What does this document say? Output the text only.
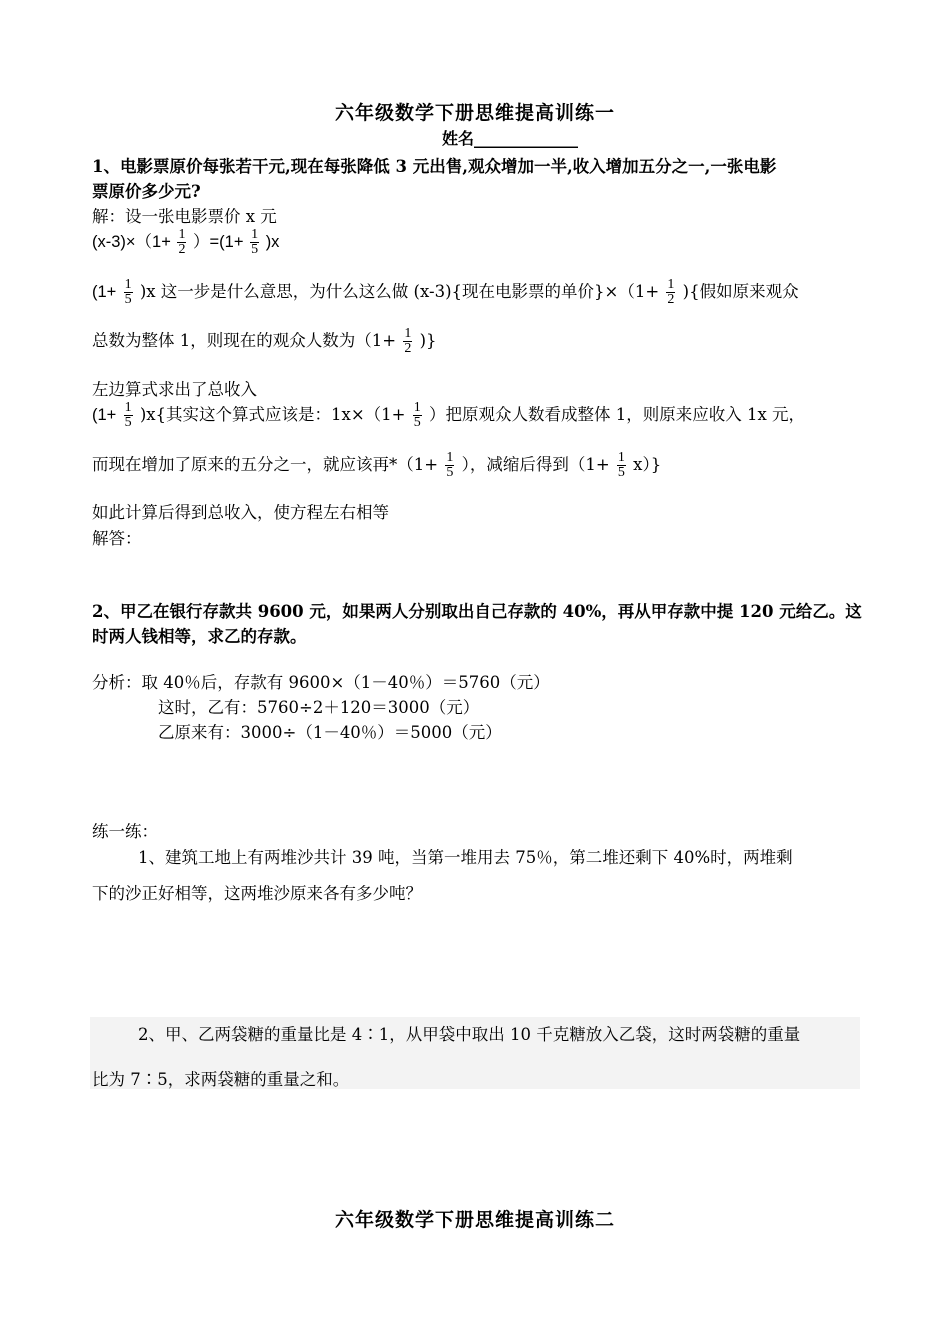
六年级数学下册思维提高训练一
姓名_____________
1、电影票原价每张若干元,现在每张降低 3 元出售,观众增加一半,收入增加五分之一,一张电影
票原价多少元?
解：设一张电影票价 x 元
$(x-3)\times(1+ \frac{1}{2} )=(1+ \frac{1}{5} )x$
$(1+ \frac{1}{5} )x$ 这一步是什么意思，为什么这么做 (x-3){现在电影票的单价}$\times(1+ \frac{1}{2}$ ){假如原来观众
总数为整体 1，则现在的观众人数为（$1+ \frac{1}{2}$ )}
左边算式求出了总收入
$(1+ \frac{1}{5} )x${其实这个算式应该是：$1x\times(1+ \frac{1}{5}$ ）把原观众人数看成整体 1，则原来应收入 1x 元，
而现在增加了原来的五分之一，就应该再$*(1+ \frac{1}{5}$ ），减缩后得到$(1+ \frac{1}{5} x)$}
如此计算后得到总收入，使方程左右相等
解答：
2、甲乙在银行存款共 9600 元，如果两人分别取出自己存款的 40%，再从甲存款中提 120 元给乙。这
时两人钱相等，求乙的存款。
分析：取 40％后，存款有 9600×（1－40％）＝5760（元）
这时，乙有：5760÷2＋120＝3000（元）
乙原来有：3000÷（1－40％）＝5000（元）
练一练：
1、建筑工地上有两堆沙共计 39 吨，当第一堆用去 75％，第二堆还剩下 40%时，两堆剩
下的沙正好相等，这两堆沙原来各有多少吨？
2、甲、乙两袋糖的重量比是 4∶1，从甲袋中取出 10 千克糖放入乙袋，这时两袋糖的重量
比为 7∶5，求两袋糖的重量之和。
六年级数学下册思维提高训练二
